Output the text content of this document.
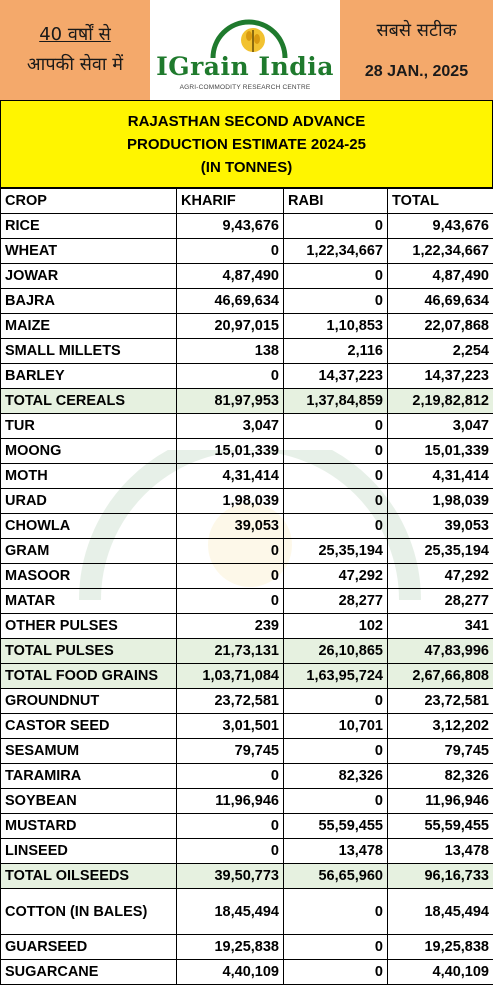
40 वर्षों से
आपकी सेवा में IGrain India
AGRI-COMMODITY RESEARCH CENTRE
सबसे सटीक
28 JAN., 2025
RAJASTHAN SECOND ADVANCE
PRODUCTION ESTIMATE 2024-25
(IN TONNES)
CROP	KHARIF	RABI	TOTAL
RICE	9,43,676	0	9,43,676
WHEAT	0	1,22,34,667	1,22,34,667
JOWAR	4,87,490	0	4,87,490
BAJRA	46,69,634	0	46,69,634
MAIZE	20,97,015	1,10,853	22,07,868
SMALL MILLETS	138	2,116	2,254
BARLEY	0	14,37,223	14,37,223
TOTAL CEREALS	81,97,953	1,37,84,859	2,19,82,812
TUR	3,047	0	3,047
MOONG	15,01,339	0	15,01,339
MOTH	4,31,414	0	4,31,414
URAD	1,98,039	0	1,98,039
CHOWLA	39,053	0	39,053
GRAM	0	25,35,194	25,35,194
MASOOR	0	47,292	47,292
MATAR	0	28,277	28,277
OTHER PULSES	239	102	341
TOTAL PULSES	21,73,131	26,10,865	47,83,996
TOTAL FOOD GRAINS	1,03,71,084	1,63,95,724	2,67,66,808
GROUNDNUT	23,72,581	0	23,72,581
CASTOR SEED	3,01,501	10,701	3,12,202
SESAMUM	79,745	0	79,745
TARAMIRA	0	82,326	82,326
SOYBEAN	11,96,946	0	11,96,946
MUSTARD	0	55,59,455	55,59,455
LINSEED	0	13,478	13,478
TOTAL OILSEEDS	39,50,773	56,65,960	96,16,733
COTTON (IN BALES)	18,45,494	0	18,45,494
GUARSEED	19,25,838	0	19,25,838
SUGARCANE	4,40,109	0	4,40,109
